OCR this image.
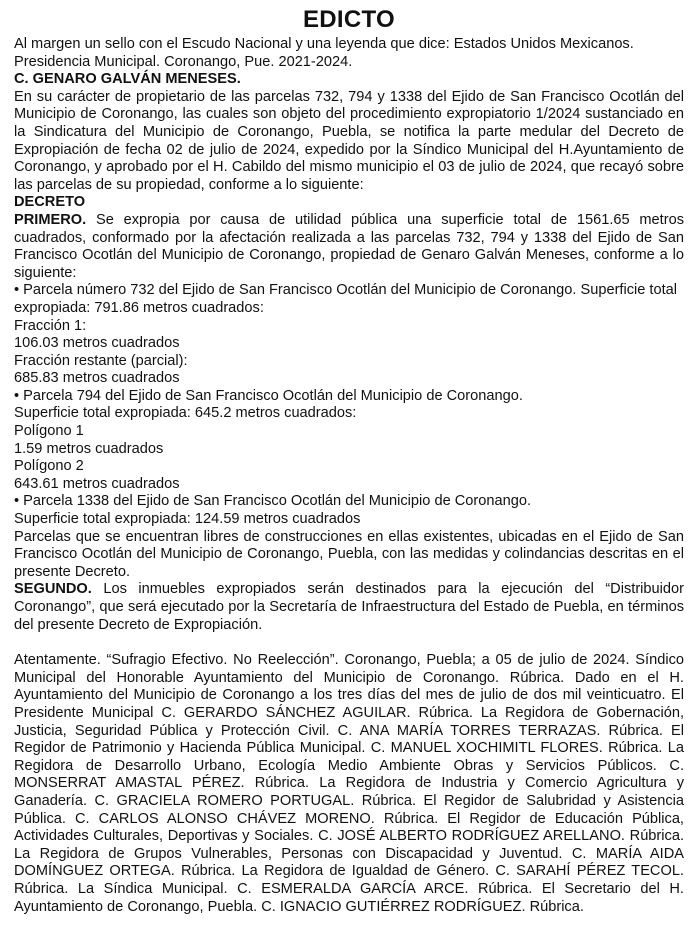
EDICTO

Al margen un sello con el Escudo Nacional y una leyenda que dice: Estados Unidos Mexicanos. Presidencia Municipal. Coronango, Pue. 2021-2024.

C. GENARO GALVÁN MENESES.

En su carácter de propietario de las parcelas 732, 794 y 1338 del Ejido de San Francisco Ocotlán del Municipio de Coronango, las cuales son objeto del procedimiento expropiatorio 1/2024 sustanciado en la Sindicatura del Municipio de Coronango, Puebla, se notifica la parte medular del Decreto de Expropiación de fecha 02 de julio de 2024, expedido por la Síndico Municipal del H.Ayuntamiento de Coronango, y aprobado por el H. Cabildo del mismo municipio el 03 de julio de 2024, que recayó sobre las parcelas de su propiedad, conforme a lo siguiente:

DECRETO

PRIMERO. Se expropia por causa de utilidad pública una superficie total de 1561.65 metros cuadrados, conformado por la afectación realizada a las parcelas 732, 794 y 1338 del Ejido de San Francisco Ocotlán del Municipio de Coronango, propiedad de Genaro Galván Meneses, conforme a lo siguiente:

• Parcela número 732 del Ejido de San Francisco Ocotlán del Municipio de Coronango. Superficie total expropiada: 791.86 metros cuadrados:

Fracción 1:

106.03 metros cuadrados

Fracción restante (parcial):

685.83 metros cuadrados

• Parcela 794 del Ejido de San Francisco Ocotlán del Municipio de Coronango.

Superficie total expropiada: 645.2 metros cuadrados:

Polígono 1

1.59 metros cuadrados

Polígono 2

643.61 metros cuadrados

• Parcela 1338 del Ejido de San Francisco Ocotlán del Municipio de Coronango.

Superficie total expropiada: 124.59 metros cuadrados

Parcelas que se encuentran libres de construcciones en ellas existentes, ubicadas en el Ejido de San Francisco Ocotlán del Municipio de Coronango, Puebla, con las medidas y colindancias descritas en el presente Decreto.

SEGUNDO. Los inmuebles expropiados serán destinados para la ejecución del “Distribuidor Coronango”, que será ejecutado por la Secretaría de Infraestructura del Estado de Puebla, en términos del presente Decreto de Expropiación.

Atentamente. “Sufragio Efectivo. No Reelección”. Coronango, Puebla; a 05 de julio de 2024. Síndico Municipal del Honorable Ayuntamiento del Municipio de Coronango. Rúbrica. Dado en el H. Ayuntamiento del Municipio de Coronango a los tres días del mes de julio de dos mil veinticuatro. El Presidente Municipal C. GERARDO SÁNCHEZ AGUILAR. Rúbrica. La Regidora de Gobernación, Justicia, Seguridad Pública y Protección Civil. C. ANA MARÍA TORRES TERRAZAS. Rúbrica. El Regidor de Patrimonio y Hacienda Pública Municipal. C. MANUEL XOCHIMITL FLORES. Rúbrica. La Regidora de Desarrollo Urbano, Ecología Medio Ambiente Obras y Servicios Públicos. C. MONSERRAT AMASTAL PÉREZ. Rúbrica. La Regidora de Industria y Comercio Agricultura y Ganadería. C. GRACIELA ROMERO PORTUGAL. Rúbrica. El Regidor de Salubridad y Asistencia Pública. C. CARLOS ALONSO CHÁVEZ MORENO. Rúbrica. El Regidor de Educación Pública, Actividades Culturales, Deportivas y Sociales. C. JOSÉ ALBERTO RODRÍGUEZ ARELLANO. Rúbrica. La Regidora de Grupos Vulnerables, Personas con Discapacidad y Juventud. C. MARÍA AIDA DOMÍNGUEZ ORTEGA. Rúbrica. La Regidora de Igualdad de Género. C. SARAHÍ PÉREZ TECOL. Rúbrica. La Síndica Municipal. C. ESMERALDA GARCÍA ARCE. Rúbrica. El Secretario del H. Ayuntamiento de Coronango, Puebla. C. IGNACIO GUTIÉRREZ RODRÍGUEZ. Rúbrica.
